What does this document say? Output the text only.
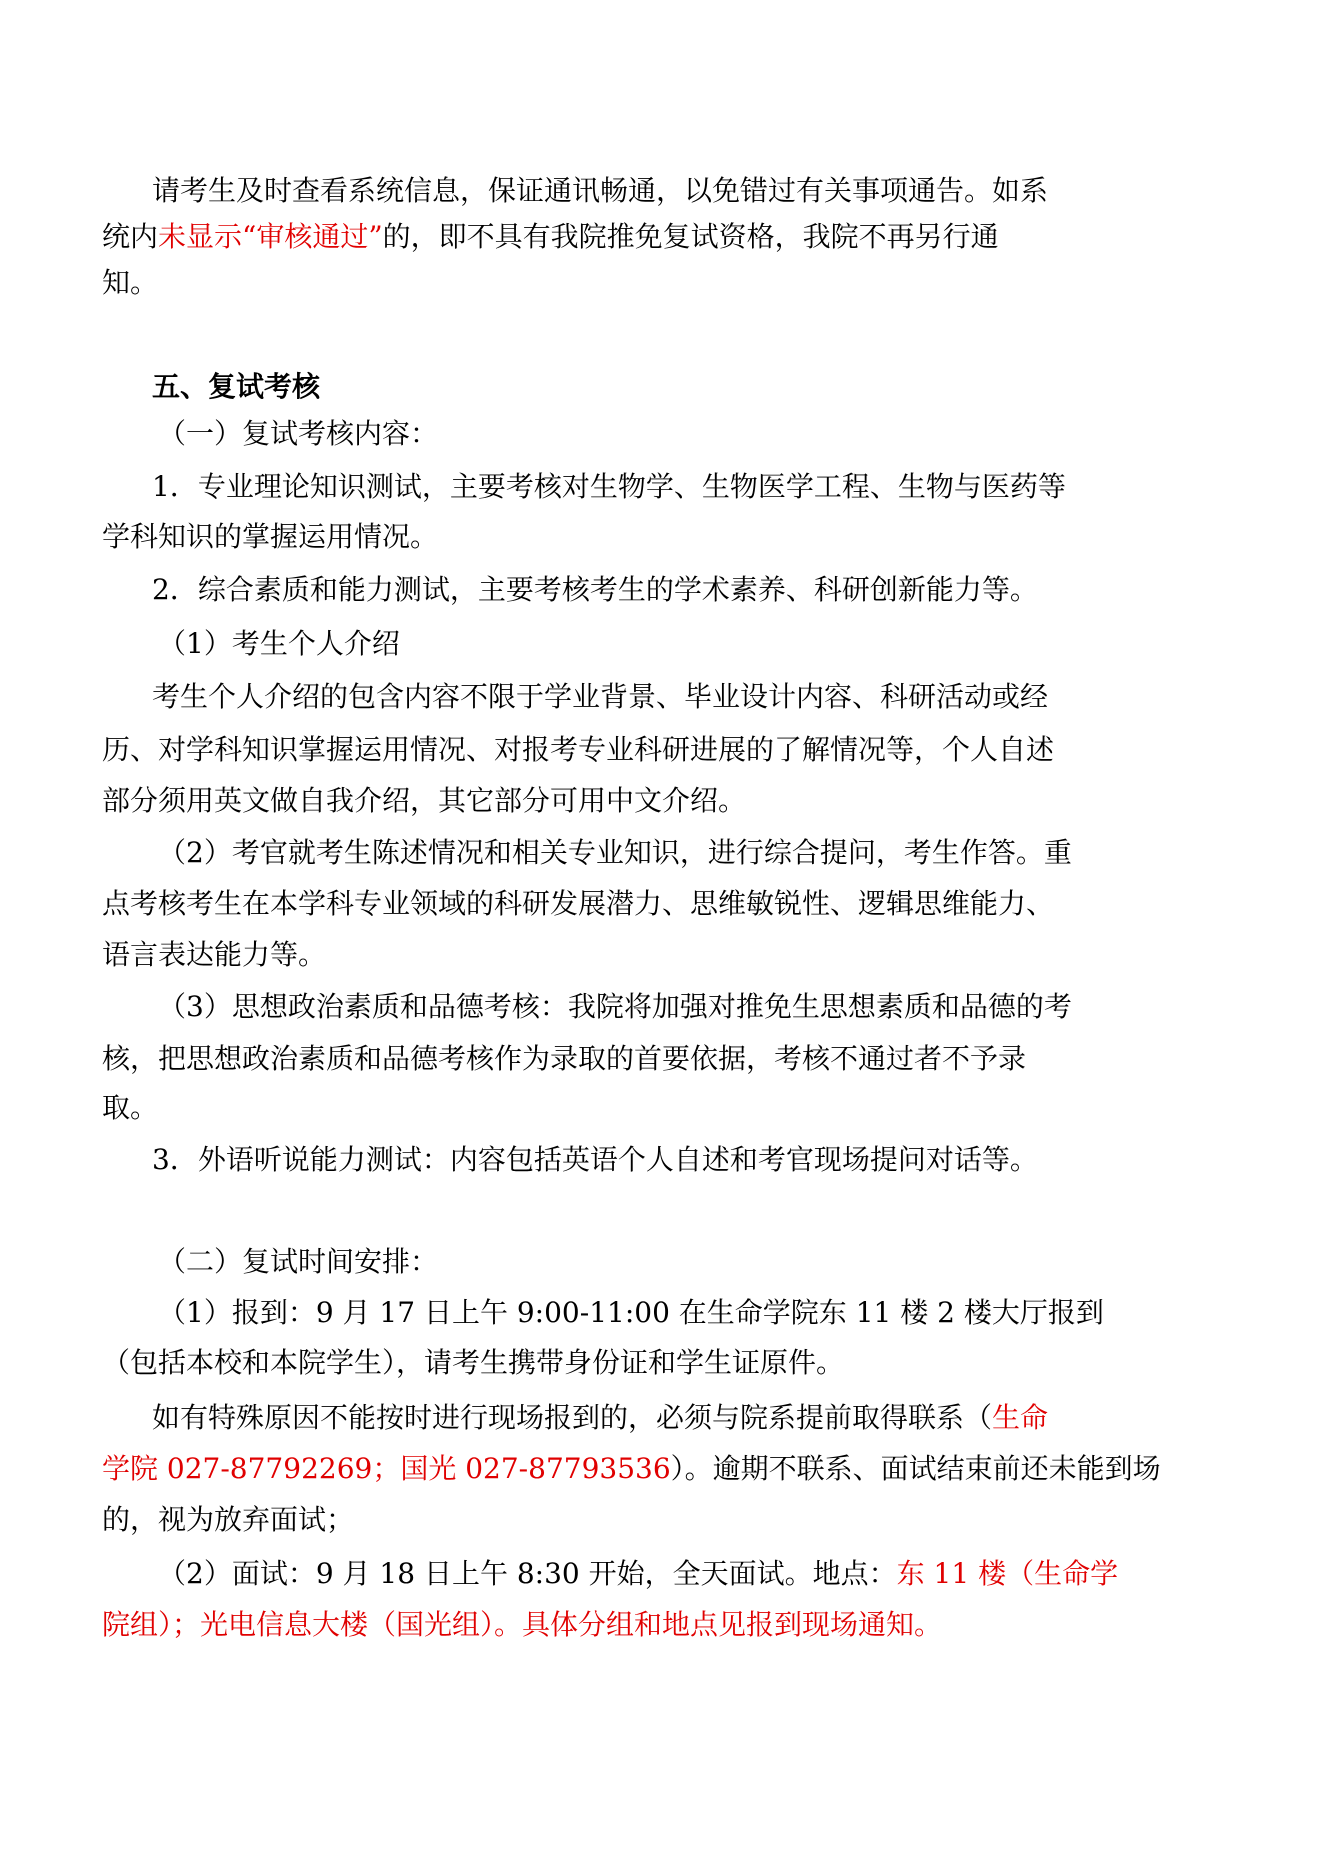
请考生及时查看系统信息，保证通讯畅通，以免错过有关事项通告。如系
统内未显示“审核通过”的，即不具有我院推免复试资格，我院不再另行通
知。
五、复试考核
（一）复试考核内容：
1．专业理论知识测试，主要考核对生物学、生物医学工程、生物与医药等
学科知识的掌握运用情况。
2．综合素质和能力测试，主要考核考生的学术素养、科研创新能力等。
（1）考生个人介绍
考生个人介绍的包含内容不限于学业背景、毕业设计内容、科研活动或经
历、对学科知识掌握运用情况、对报考专业科研进展的了解情况等，个人自述
部分须用英文做自我介绍，其它部分可用中文介绍。
（2）考官就考生陈述情况和相关专业知识，进行综合提问，考生作答。重
点考核考生在本学科专业领域的科研发展潜力、思维敏锐性、逻辑思维能力、
语言表达能力等。
（3）思想政治素质和品德考核：我院将加强对推免生思想素质和品德的考
核，把思想政治素质和品德考核作为录取的首要依据，考核不通过者不予录
取。
3．外语听说能力测试：内容包括英语个人自述和考官现场提问对话等。
（二）复试时间安排：
（1）报到：9 月 17 日上午 9:00-11:00 在生命学院东 11 楼 2 楼大厅报到
（包括本校和本院学生），请考生携带身份证和学生证原件。
如有特殊原因不能按时进行现场报到的，必须与院系提前取得联系（生命
学院 027-87792269；国光 027-87793536）。逾期不联系、面试结束前还未能到场
的，视为放弃面试；
（2）面试：9 月 18 日上午 8:30 开始，全天面试。地点：东 11 楼（生命学
院组）；光电信息大楼（国光组）。具体分组和地点见报到现场通知。
